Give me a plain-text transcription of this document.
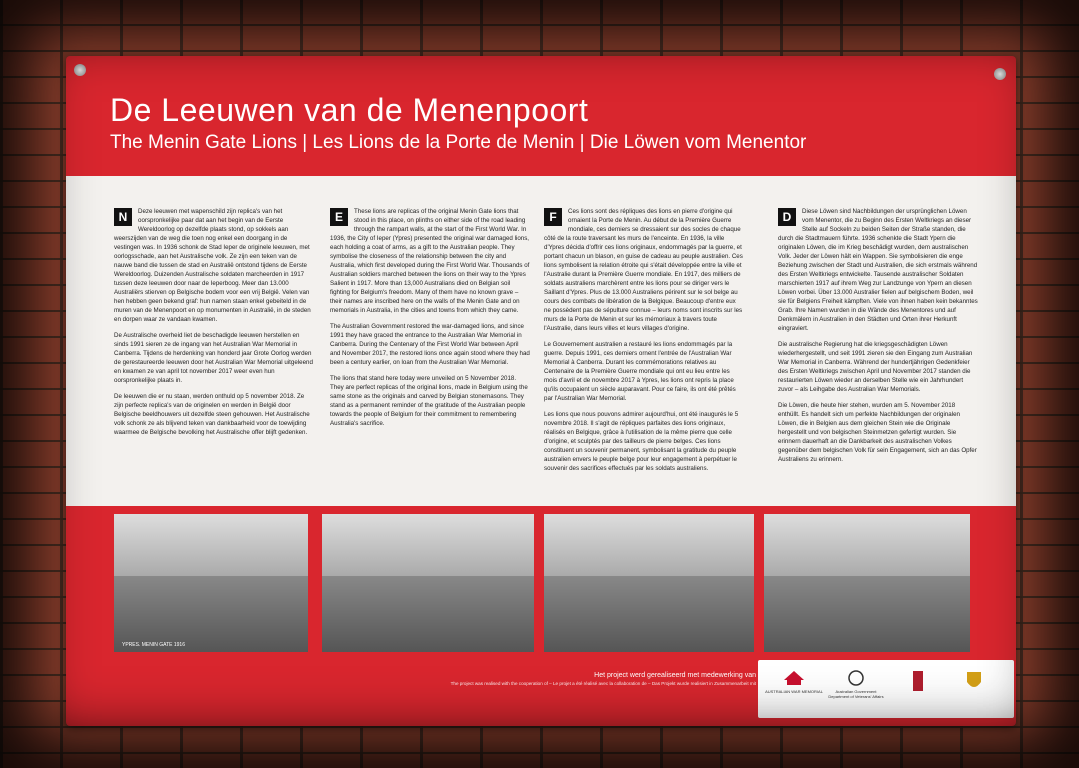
De Leeuwen van de Menenpoort

The Menin Gate Lions | Les Lions de la Porte de Menin | Die Löwen vom Menentor

N	Deze leeuwen met wapenschild zijn replica's van het oorspronkelijke paar dat aan het begin van de Eerste Wereldoorlog op dezelfde plaats stond, op sokkels aan weerszijden van de weg die toen nog enkel een doorgang in de vestingen was. In 1936 schonk de Stad Ieper de originele leeuwen, met oorlogsschade, aan het Australische volk. Ze zijn een teken van de nauwe band die tussen de stad en Australië ontstond tijdens de Eerste Wereldoorlog. Duizenden Australische soldaten marcheerden in 1917 tussen deze leeuwen door naar de Ieperboog. Meer dan 13.000 Australiërs stierven op Belgische bodem voor een vrij België. Velen van hen hebben geen bekend graf: hun namen staan enkel gebeiteld in de muren van de Menenpoort en op monumenten in Australië, in de steden en dorpen waar ze vandaan kwamen.

De Australische overheid liet de beschadigde leeuwen herstellen en sinds 1991 sieren ze de ingang van het Australian War Memorial in Canberra. Tijdens de herdenking van honderd jaar Grote Oorlog werden de gerestaureerde leeuwen door het Australian War Memorial uitgeleend en kwamen ze van april tot november 2017 weer even hun oorspronkelijke plaats in.

De leeuwen die er nu staan, werden onthuld op 5 november 2018. Ze zijn perfecte replica's van de originelen en werden in België door Belgische beeldhouwers uit dezelfde steen gehouwen. Het Australische volk schonk ze als blijvend teken van dankbaarheid voor de toewijding waarmee de Belgische bevolking het Australische offer blijft gedenken.

E	These lions are replicas of the original Menin Gate lions that stood in this place, on plinths on either side of the road leading through the rampart walls, at the start of the First World War. In 1936, the City of Ieper (Ypres) presented the original war damaged lions, each holding a coat of arms, as a gift to the Australian people. They symbolise the closeness of the relationship between the city and Australia, which first developed during the First World War. Thousands of Australian soldiers marched between the lions on their way to the Ypres Salient in 1917. More than 13,000 Australians died on Belgian soil fighting for Belgium's freedom. Many of them have no known grave – their names are inscribed here on the walls of the Menin Gate and on memorials in Australia, in the cities and towns from which they came.

The Australian Government restored the war-damaged lions, and since 1991 they have graced the entrance to the Australian War Memorial in Canberra. During the Centenary of the First World War between April and November 2017, the restored lions once again stood where they had been a century earlier, on loan from the Australian War Memorial.

The lions that stand here today were unveiled on 5 November 2018. They are perfect replicas of the original lions, made in Belgium using the same stone as the originals and carved by Belgian stonemasons. They stand as a permanent reminder of the gratitude of the Australian people towards the people of Belgium for their commitment to remembering Australia's sacrifice.

F	Ces lions sont des répliques des lions en pierre d'origine qui ornaient la Porte de Menin. Au début de la Première Guerre mondiale, ces derniers se dressaient sur des socles de chaque côté de la route traversant les murs de l'enceinte. En 1936, la ville d'Ypres décida d'offrir ces lions originaux, endommagés par la guerre, et portant chacun un blason, en guise de cadeau au peuple australien. Ces lions symbolisent la relation étroite qui s'était développée entre la ville et l'Australie durant la Première Guerre mondiale. En 1917, des milliers de soldats australiens marchèrent entre les lions pour se diriger vers le Saillant d'Ypres. Plus de 13.000 Australiens périrent sur le sol belge au cours des combats de libération de la Belgique. Beaucoup d'entre eux ne possèdent pas de sépulture connue – leurs noms sont inscrits sur les murs de la Porte de Menin et sur les mémoriaux à travers toute l'Australie, dans leurs villes et leurs villages d'origine.

Le Gouvernement australien a restauré les lions endommagés par la guerre. Depuis 1991, ces derniers ornent l'entrée de l'Australian War Memorial à Canberra. Durant les commémorations relatives au Centenaire de la Première Guerre mondiale qui ont eu lieu entre les mois d'avril et de novembre 2017 à Ypres, les lions ont repris la place qu'ils occupaient un siècle auparavant. Pour ce faire, ils ont été prêtés par l'Australian War Memorial.

Les lions que nous pouvons admirer aujourd'hui, ont été inaugurés le 5 novembre 2018. Il s'agit de répliques parfaites des lions originaux, réalisés en Belgique, grâce à l'utilisation de la même pierre que celle d'origine, et sculptés par des tailleurs de pierre belges. Ces lions constituent un souvenir permanent, symbolisant la gratitude du peuple australien envers le peuple belge pour leur engagement à perpétuer le souvenir des sacrifices effectués par les soldats australiens.

D	Diese Löwen sind Nachbildungen der ursprünglichen Löwen vom Menentor, die zu Beginn des Ersten Weltkriegs an dieser Stelle auf Sockeln zu beiden Seiten der Straße standen, die durch die Stadtmauern führte. 1936 schenkte die Stadt Ypern die originalen Löwen, die im Krieg beschädigt wurden, dem australischen Volk. Jeder der Löwen hält ein Wappen. Sie symbolisieren die enge Beziehung zwischen der Stadt und Australien, die sich erstmals während des Ersten Weltkriegs entwickelte. Tausende australischer Soldaten marschierten 1917 auf ihrem Weg zur Landzunge von Ypern an diesen Löwen vorbei. Über 13.000 Australier fielen auf belgischem Boden, weil sie für Belgiens Freiheit kämpften. Viele von ihnen haben kein bekanntes Grab. Ihre Namen wurden in die Wände des Menentores und auf Denkmälern in Australien in den Städten und Orten ihrer Herkunft eingraviert.

Die australische Regierung hat die kriegsgeschädigten Löwen wiederhergestellt, und seit 1991 zieren sie den Eingang zum Australian War Memorial in Canberra. Während der hundertjährigen Gedenkfeier des Ersten Weltkriegs zwischen April und November 2017 standen die restaurierten Löwen wieder an derselben Stelle wie ein Jahrhundert zuvor – als Leihgabe des Australian War Memorials.

Die Löwen, die heute hier stehen, wurden am 5. November 2018 enthüllt. Es handelt sich um perfekte Nachbildungen der originalen Löwen, die in Belgien aus dem gleichen Stein wie die Originale hergestellt und von belgischen Steinmetzen gefertigt wurden. Sie erinnern dauerhaft an die Dankbarkeit des australischen Volkes gegenüber dem belgischen Volk für sein Engagement, sich an das Opfer Australiens zu erinnern.

YPRES. MENIN GATE 1916

Het project werd gerealiseerd met medewerking van

The project was realised with the cooperation of – Le projet a été réalisé avec la collaboration de – Das Projekt wurde realisiert in Zusammenarbeit mit

AUSTRALIAN WAR MEMORIAL	Australian Government Department of Veterans' Affairs
